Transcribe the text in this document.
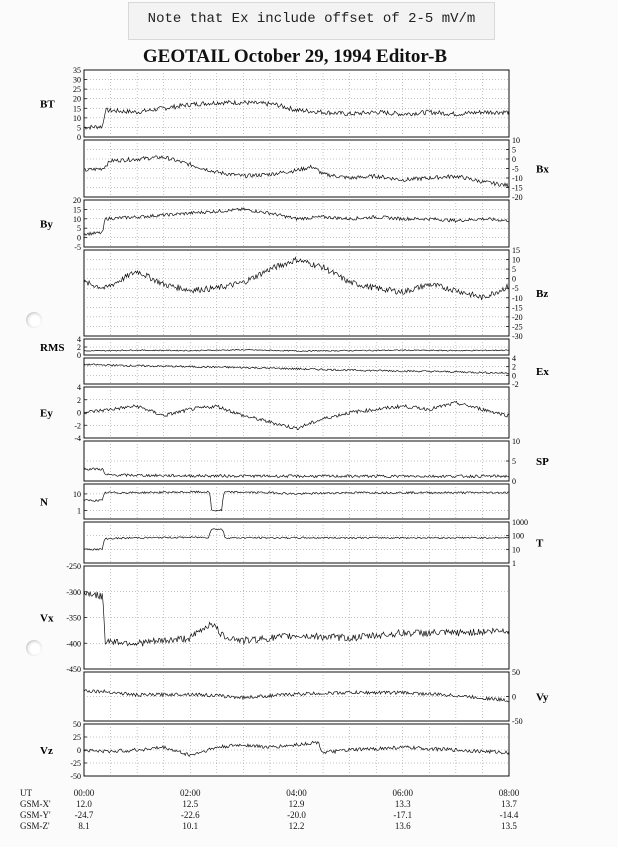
Note that Ex include offset of 2-5 mV/m
GEOTAIL October 29, 1994 Editor-B
35
30
25
20
15
10
5
0
BT
10
5
0
-5
-10
-15
-20
Bx
20
15
10
5
0
-5
By
15
10
5
0
-5
-10
-15
-20
-25
-30
Bz
4
2
0
RMS
4
2
0
-2
Ex
4
2
0
-2
-4
Ey
10
5
0
SP
10
1
N
1000
100
10
1
T
-250
-300
-350
-400
-450
Vx
50
0
-50
Vy
50
25
0
-25
-50
Vz
UT	00:00	02:00	04:00	06:00	08:00
GSM-X'	12.0	12.5	12.9	13.3	13.7
GSM-Y'	-24.7	-22.6	-20.0	-17.1	-14.4
GSM-Z'	8.1	10.1	12.2	13.6	13.5
